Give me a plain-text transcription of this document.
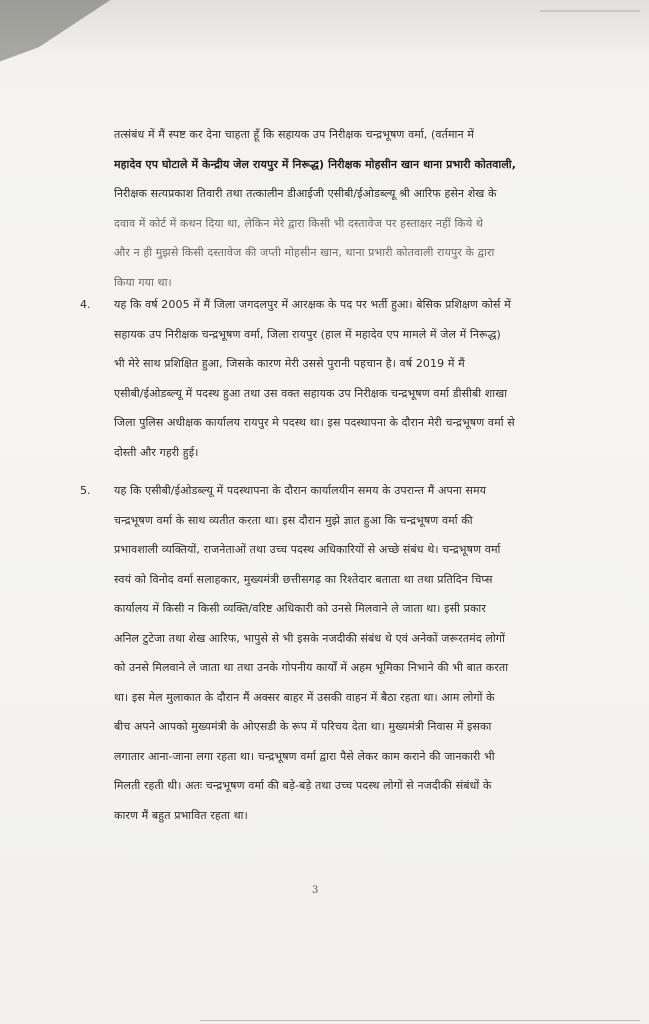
तत्संबंध में मैं स्पष्ट कर देना चाहता हूँ कि सहायक उप निरीक्षक चन्द्रभूषण वर्मा, (वर्तमान में
महादेव एप घोटाले में केन्द्रीय जेल रायपुर में निरूद्ध) निरीक्षक मोहसीन खान थाना प्रभारी कोतवाली,
निरीक्षक सत्यप्रकाश तिवारी तथा तत्कालीन डीआईजी एसीबी/ईओडब्ल्यू श्री आरिफ हसेन शेख के
दवाव में कोर्ट में कथन दिया था, लेकिन मेरे द्वारा किसी भी दस्तावेज पर हस्ताक्षर नहीं किये थे
और न ही मुझसे किसी दस्तावेज की जप्ती मोहसीन खान, थाना प्रभारी कोतवाली रायपुर के द्वारा
किया गया था।
4. यह कि वर्ष 2005 में मैं जिला जगदलपुर में आरक्षक के पद पर भर्ती हुआ। बेसिक प्रशिक्षण कोर्स में
सहायक उप निरीक्षक चन्द्रभूषण वर्मा, जिला रायपुर (हाल में महादेव एप मामले में जेल में निरूद्ध)
भी मेरे साथ प्रशिक्षित हुआ, जिसके कारण मेरी उससे पुरानी पहचान है। वर्ष 2019 में मैं
एसीबी/ईओडब्ल्यू में पदस्थ हुआ तथा उस वक्त सहायक उप निरीक्षक चन्द्रभूषण वर्मा डीसीबी शाखा
जिला पुलिस अधीक्षक कार्यालय रायपुर मे पदस्थ था। इस पदस्थापना के दौरान मेरी चन्द्रभूषण वर्मा से
दोस्ती और गहरी हुई।
5. यह कि एसीबी/ईओडब्ल्यू में पदस्थापना के दौरान कार्यालयीन समय के उपरान्त मैं अपना समय
चन्द्रभूषण वर्मा के साथ व्यतीत करता था। इस दौरान मुझे ज्ञात हुआ कि चन्द्रभूषण वर्मा की
प्रभावशाली व्यक्तियों, राजनेताओं तथा उच्च पदस्थ अधिकारियों से अच्छे संबंध थे। चन्द्रभूषण वर्मा
स्वयं को विनोद वर्मा सलाहकार, मुख्यमंत्री छत्तीसगढ़ का रिश्तेदार बताता था तथा प्रतिदिन चिप्स
कार्यालय में किसी न किसी व्यक्ति/वरिष्ट अधिकारी को उनसे मिलवाने ले जाता था। इसी प्रकार
अनिल टुटेजा तथा शेख आरिफ, भापुसे से भी इसके नजदीकी संबंध थे एवं अनेकों जरूरतमंद लोगों
को उनसे मिलवाने ले जाता था तथा उनके गोपनीय कार्यों में अहम भूमिका निभाने की भी बात करता
था। इस मेल मुलाकात के दौरान मैं अक्सर बाहर में उसकी वाहन में बैठा रहता था। आम लोगों के
बीच अपने आपको मुख्यमंत्री के ओएसडी के रूप में परिचय देता था। मुख्यमंत्री निवास में इसका
लगातार आना-जाना लगा रहता था। चन्द्रभूषण वर्मा द्वारा पैसे लेकर काम कराने की जानकारी भी
मिलती रहती थी। अतः चन्द्रभूषण वर्मा की बड़े-बड़े तथा उच्च पदस्थ लोगों से नजदीकी संबंधों के
कारण मैं बहुत प्रभावित रहता था।
3
